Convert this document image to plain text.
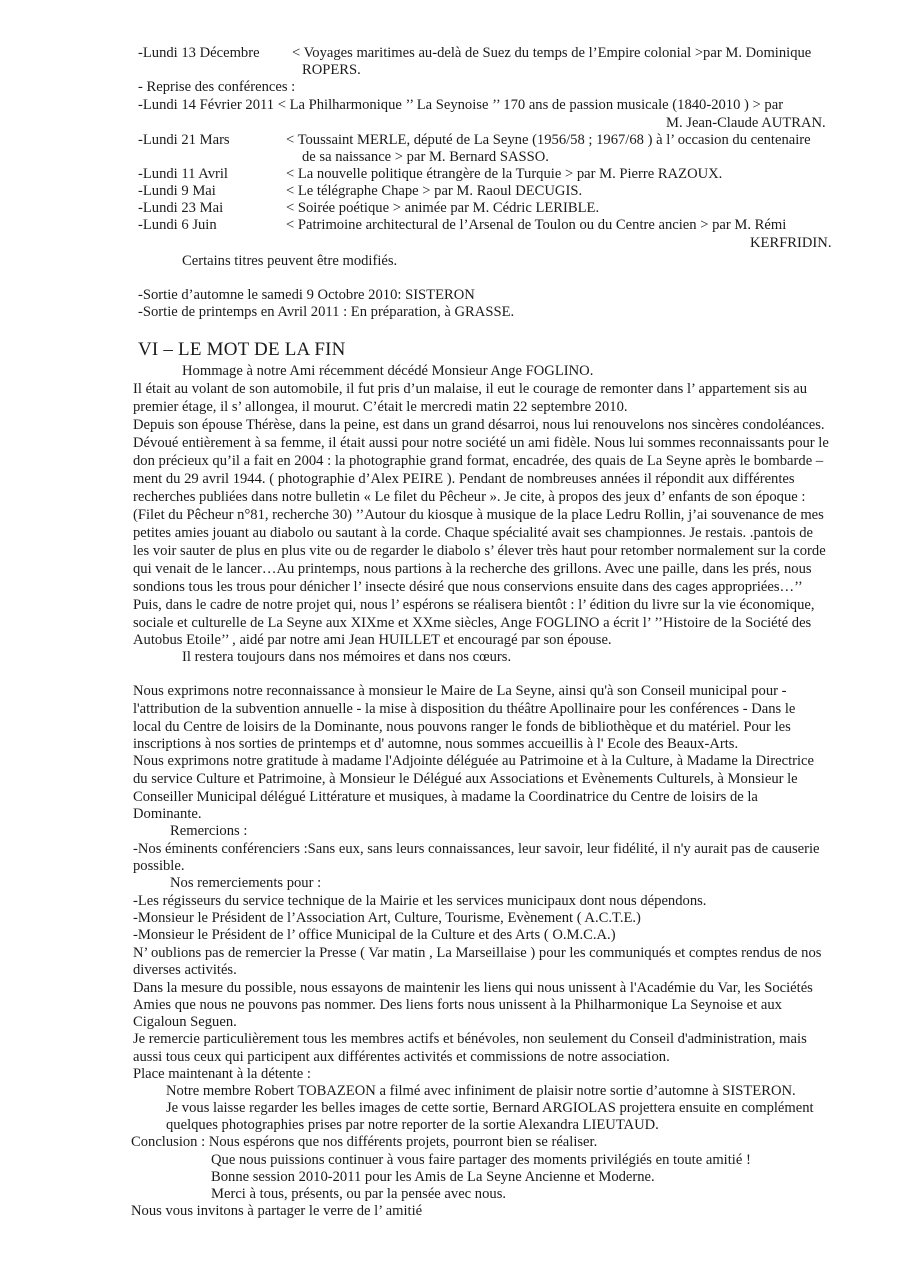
-Lundi 13 Décembre < Voyages maritimes au-delà de Suez du temps de l’Empire colonial >par M. Dominique
ROPERS.
- Reprise des conférences :
-Lundi 14 Février 2011 < La Philharmonique ’’ La Seynoise ’’ 170 ans de passion musicale (1840-2010 ) > par
M. Jean-Claude AUTRAN.
-Lundi 21 Mars	< Toussaint MERLE, député de La Seyne (1956/58 ; 1967/68 ) à l’ occasion du centenaire
de sa naissance > par M. Bernard SASSO.
-Lundi 11 Avril	< La nouvelle politique étrangère de la Turquie > par M. Pierre RAZOUX.
-Lundi 9 Mai	< Le télégraphe Chape > par M. Raoul DECUGIS.
-Lundi 23 Mai	< Soirée poétique > animée par M. Cédric LERIBLE.
-Lundi 6 Juin	< Patrimoine architectural de l’Arsenal de Toulon ou du Centre ancien > par M. Rémi
KERFRIDIN.
Certains titres peuvent être modifiés.
-Sortie d’automne le samedi 9 Octobre 2010: SISTERON
-Sortie de printemps en Avril 2011 : En préparation, à GRASSE.
VI – LE MOT DE LA FIN
Hommage à notre Ami récemment décédé Monsieur Ange FOGLINO.
Il était au volant de son automobile, il fut pris d’un malaise, il eut le courage de remonter dans l’ appartement sis au
premier étage, il s’ allongea, il mourut. C’était le mercredi matin 22 septembre 2010.
Depuis son épouse Thérèse, dans la peine, est dans un grand désarroi, nous lui renouvelons nos sincères condoléances.
Dévoué entièrement à sa femme, il était aussi pour notre société un ami fidèle. Nous lui sommes reconnaissants pour le
don précieux qu’il a fait en 2004 : la photographie grand format, encadrée, des quais de La Seyne après le bombarde –
ment du 29 avril 1944. ( photographie d’Alex PEIRE ). Pendant de nombreuses années il répondit aux différentes
recherches publiées dans notre bulletin « Le filet du Pêcheur ». Je cite, à propos des jeux d’ enfants de son époque :
(Filet du Pêcheur n°81, recherche 30) ’’Autour du kiosque à musique de la place Ledru Rollin, j’ai souvenance de mes
petites amies jouant au diabolo ou sautant à la corde. Chaque spécialité avait ses championnes. Je restais. .pantois de
les voir sauter de plus en plus vite ou de regarder le diabolo s’ élever très haut pour retomber normalement sur la corde
qui venait de le lancer…Au printemps, nous partions à la recherche des grillons. Avec une paille, dans les prés, nous
sondions tous les trous pour dénicher l’ insecte désiré que nous conservions ensuite dans des cages appropriées…’’
Puis, dans le cadre de notre projet qui, nous l’ espérons se réalisera bientôt : l’ édition du livre sur la vie économique,
sociale et culturelle de La Seyne aux XIXme et XXme siècles, Ange FOGLINO a écrit l’ ’’Histoire de la Société des
Autobus Etoile’’ , aidé par notre ami Jean HUILLET et encouragé par son épouse.
Il restera toujours dans nos mémoires et dans nos cœurs.
Nous exprimons notre reconnaissance à monsieur le Maire de La Seyne, ainsi qu'à son Conseil municipal pour -
l'attribution de la subvention annuelle - la mise à disposition du théâtre Apollinaire pour les conférences - Dans le
local du Centre de loisirs de la Dominante, nous pouvons ranger le fonds de bibliothèque et du matériel. Pour les
inscriptions à nos sorties de printemps et d' automne, nous sommes accueillis à l' Ecole des Beaux-Arts.
Nous exprimons notre gratitude à madame l'Adjointe déléguée au Patrimoine et à la Culture, à Madame la Directrice
du service Culture et Patrimoine, à Monsieur le Délégué aux Associations et Evènements Culturels, à Monsieur le
Conseiller Municipal délégué Littérature et musiques, à madame la Coordinatrice du Centre de loisirs de la
Dominante.
Remercions :
-Nos éminents conférenciers :Sans eux, sans leurs connaissances, leur savoir, leur fidélité, il n'y aurait pas de causerie
possible.
Nos remerciements pour :
-Les régisseurs du service technique de la Mairie et les services municipaux dont nous dépendons.
-Monsieur le Président de l’Association Art, Culture, Tourisme, Evènement ( A.C.T.E.)
-Monsieur le Président de l’ office Municipal de la Culture et des Arts ( O.M.C.A.)
N’ oublions pas de remercier la Presse ( Var matin , La Marseillaise ) pour les communiqués et comptes rendus de nos
diverses activités.
Dans la mesure du possible, nous essayons de maintenir les liens qui nous unissent à l'Académie du Var, les Sociétés
Amies que nous ne pouvons pas nommer. Des liens forts nous unissent à la Philharmonique La Seynoise et aux
Cigaloun Seguen.
Je remercie particulièrement tous les membres actifs et bénévoles, non seulement du Conseil d'administration, mais
aussi tous ceux qui participent aux différentes activités et commissions de notre association.
Place maintenant à la détente :
Notre membre Robert TOBAZEON a filmé avec infiniment de plaisir notre sortie d’automne à SISTERON.
Je vous laisse regarder les belles images de cette sortie, Bernard ARGIOLAS projettera ensuite en complément
quelques photographies prises par notre reporter de la sortie Alexandra LIEUTAUD.
Conclusion : Nous espérons que nos différents projets, pourront bien se réaliser.
Que nous puissions continuer à vous faire partager des moments privilégiés en toute amitié !
Bonne session 2010-2011 pour les Amis de La Seyne Ancienne et Moderne.
Merci à tous, présents, ou par la pensée avec nous.
Nous vous invitons à partager le verre de l’ amitié
